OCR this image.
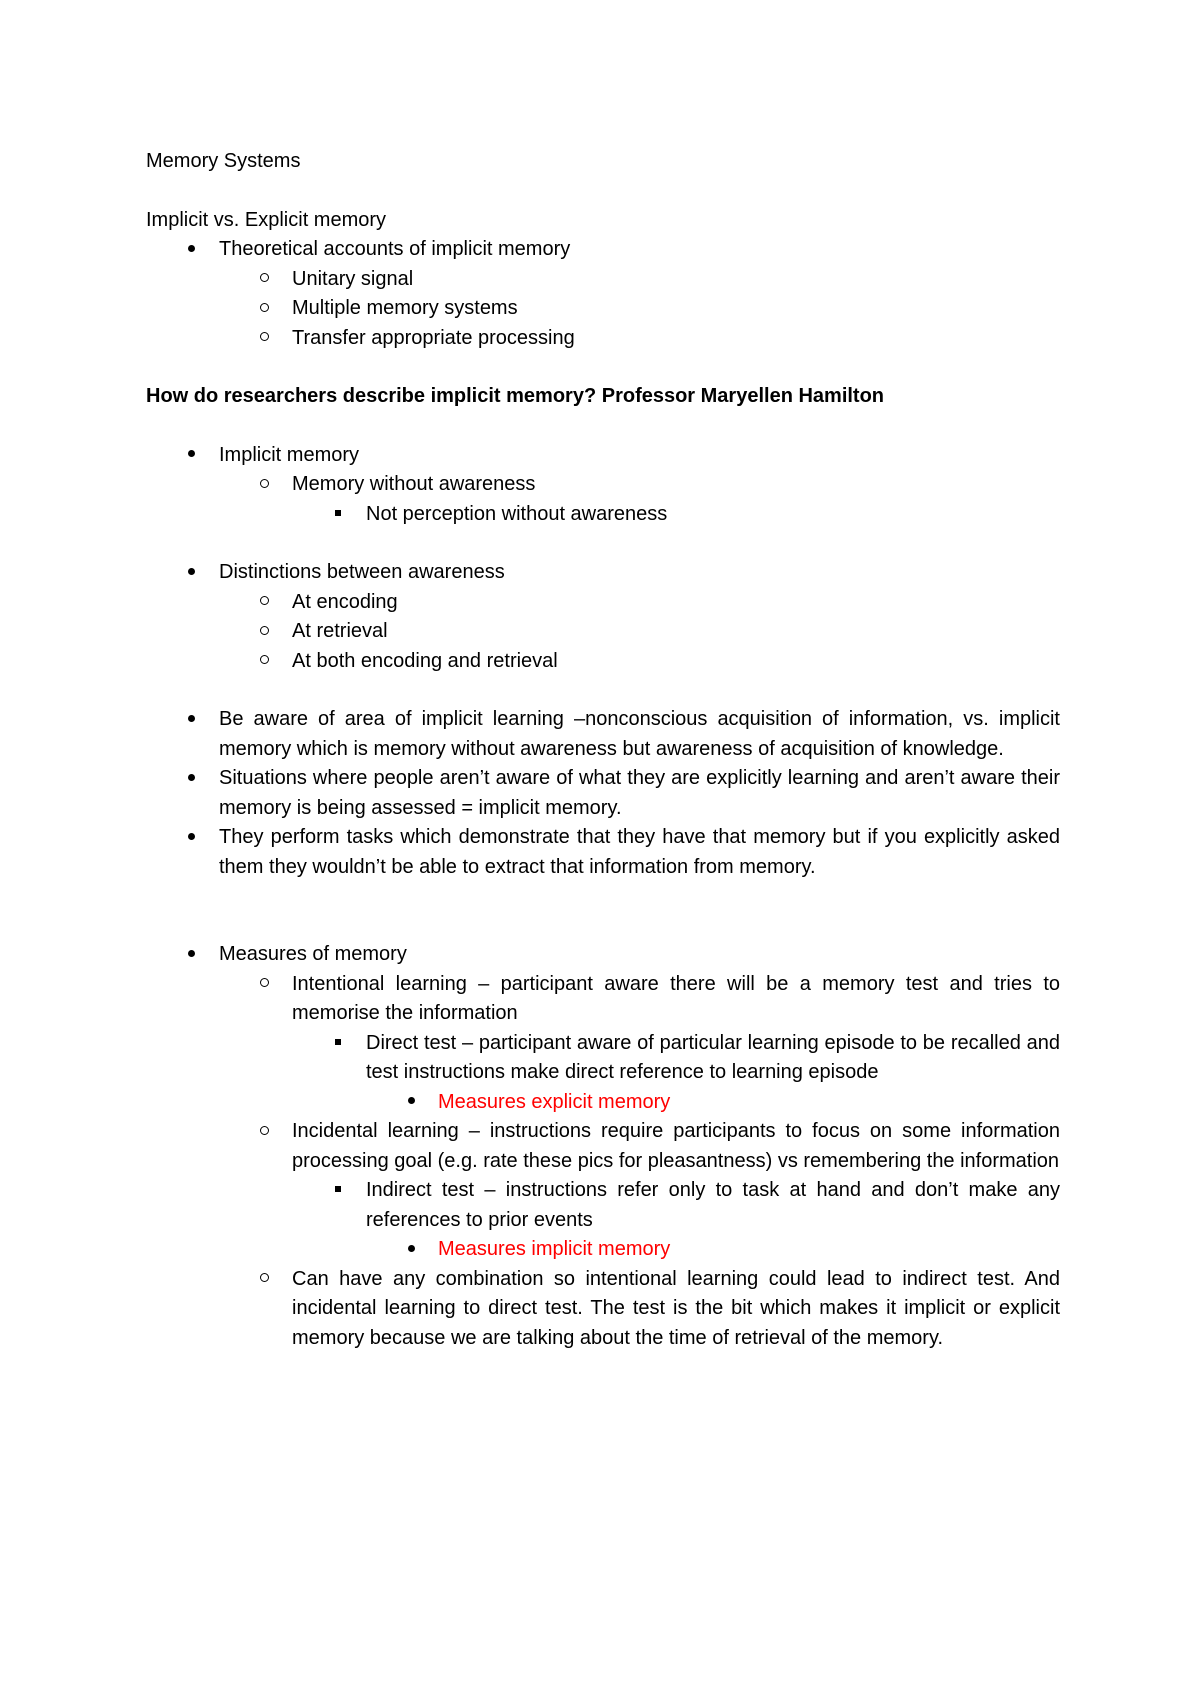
Memory Systems
Implicit vs. Explicit memory
Theoretical accounts of implicit memory
Unitary signal
Multiple memory systems
Transfer appropriate processing
How do researchers describe implicit memory? Professor Maryellen Hamilton
Implicit memory
Memory without awareness
Not perception without awareness
Distinctions between awareness
At encoding
At retrieval
At both encoding and retrieval
Be aware of area of implicit learning –nonconscious acquisition of information, vs. implicit memory which is memory without awareness but awareness of acquisition of knowledge.
Situations where people aren’t aware of what they are explicitly learning and aren’t aware their memory is being assessed = implicit memory.
They perform tasks which demonstrate that they have that memory but if you explicitly asked them they wouldn’t be able to extract that information from memory.
Measures of memory
Intentional learning – participant aware there will be a memory test and tries to memorise the information
Direct test – participant aware of particular learning episode to be recalled and test instructions make direct reference to learning episode
Measures explicit memory
Incidental learning – instructions require participants to focus on some information processing goal (e.g. rate these pics for pleasantness) vs remembering the information
Indirect test – instructions refer only to task at hand and don’t make any references to prior events
Measures implicit memory
Can have any combination so intentional learning could lead to indirect test. And incidental learning to direct test. The test is the bit which makes it implicit or explicit memory because we are talking about the time of retrieval of the memory.
